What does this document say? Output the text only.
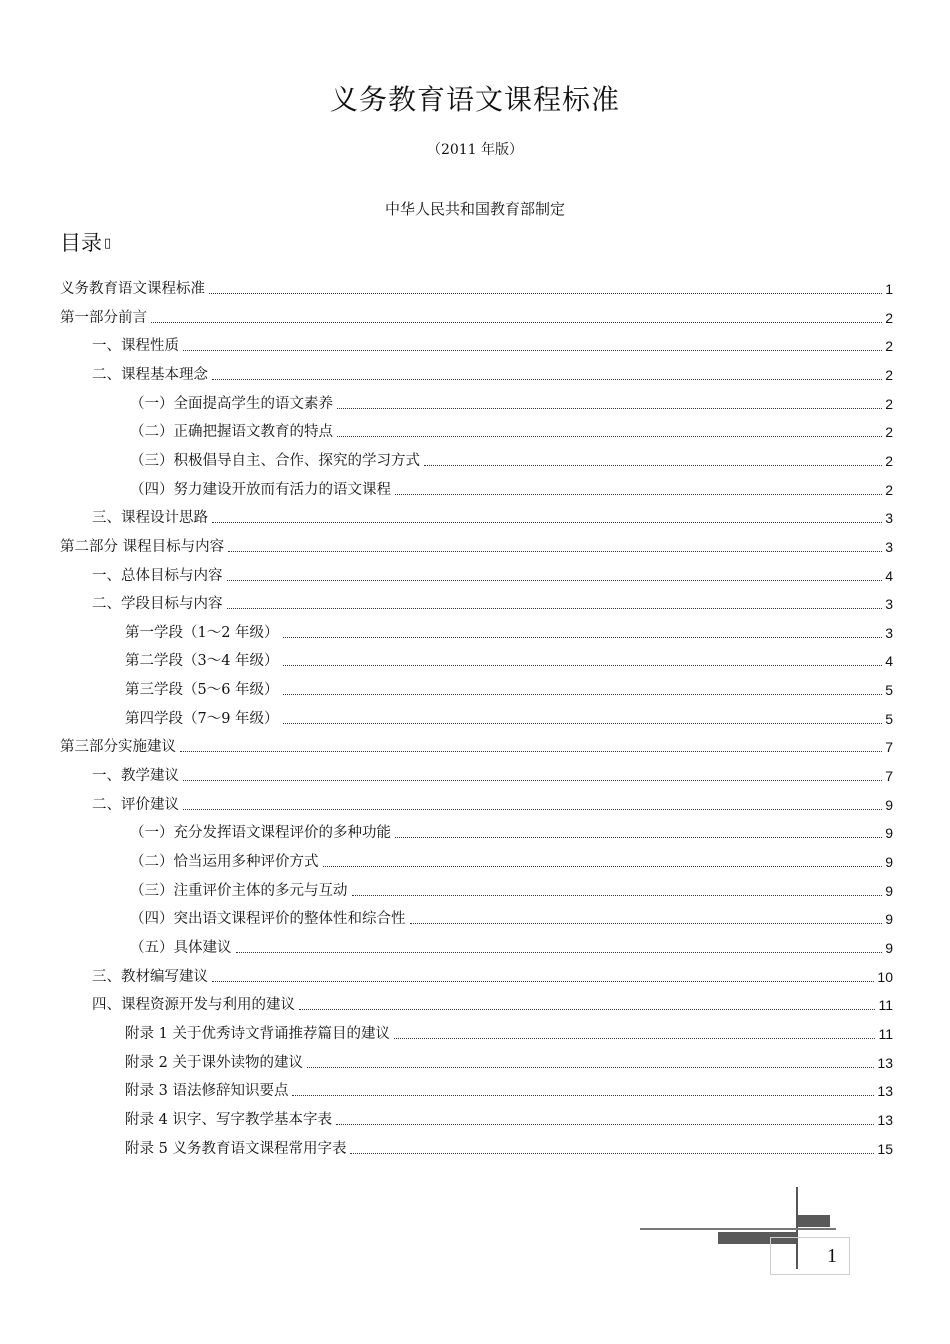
义务教育语文课程标准
（2011 年版）
中华人民共和国教育部制定
目录 ▯
义务教育语文课程标准	1
第一部分前言	2
一、课程性质	2
二、课程基本理念	2
（一）全面提高学生的语文素养	2
（二）正确把握语文教育的特点	2
（三）积极倡导自主、合作、探究的学习方式	2
（四）努力建设开放而有活力的语文课程	2
三、课程设计思路	3
第二部分 课程目标与内容	3
一、总体目标与内容	4
二、学段目标与内容	3
第一学段（1～2 年级）	3
第二学段（3～4 年级）	4
第三学段（5～6 年级）	5
第四学段（7～9 年级）	5
第三部分实施建议	7
一、教学建议	7
二、评价建议	9
（一）充分发挥语文课程评价的多种功能	9
（二）恰当运用多种评价方式	9
（三）注重评价主体的多元与互动	9
（四）突出语文课程评价的整体性和综合性	9
（五）具体建议	9
三、教材编写建议	10
四、课程资源开发与利用的建议	11
附录 1 关于优秀诗文背诵推荐篇目的建议	11
附录 2 关于课外读物的建议	13
附录 3 语法修辞知识要点	13
附录 4 识字、写字教学基本字表	13
附录 5 义务教育语文课程常用字表	15
1
